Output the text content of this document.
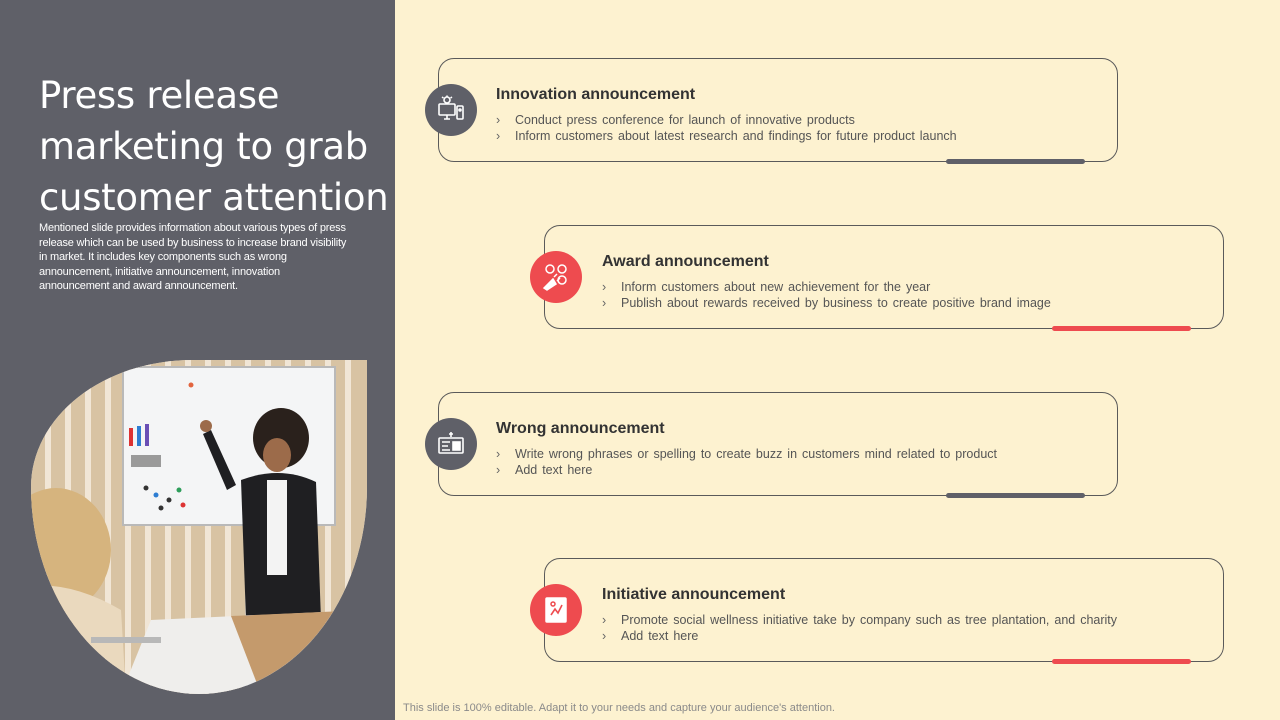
Press release marketing to grab customer attention

Mentioned slide provides information about various types of press release which can be used by business to increase brand visibility in market. It includes key components such as wrong announcement, initiative announcement, innovation announcement and award announcement.

Innovation announcement
› Conduct press conference for launch of innovative products
› Inform customers about latest research and findings for future product launch
Award announcement
› Inform customers about new achievement for the year
› Publish about rewards received by business to create positive brand image
Wrong announcement
› Write wrong phrases or spelling to create buzz in customers mind related to product
› Add text here
Initiative announcement
› Promote social wellness initiative take by company such as tree plantation, and charity
› Add text here
This slide is 100% editable. Adapt it to your needs and capture your audience's attention.
